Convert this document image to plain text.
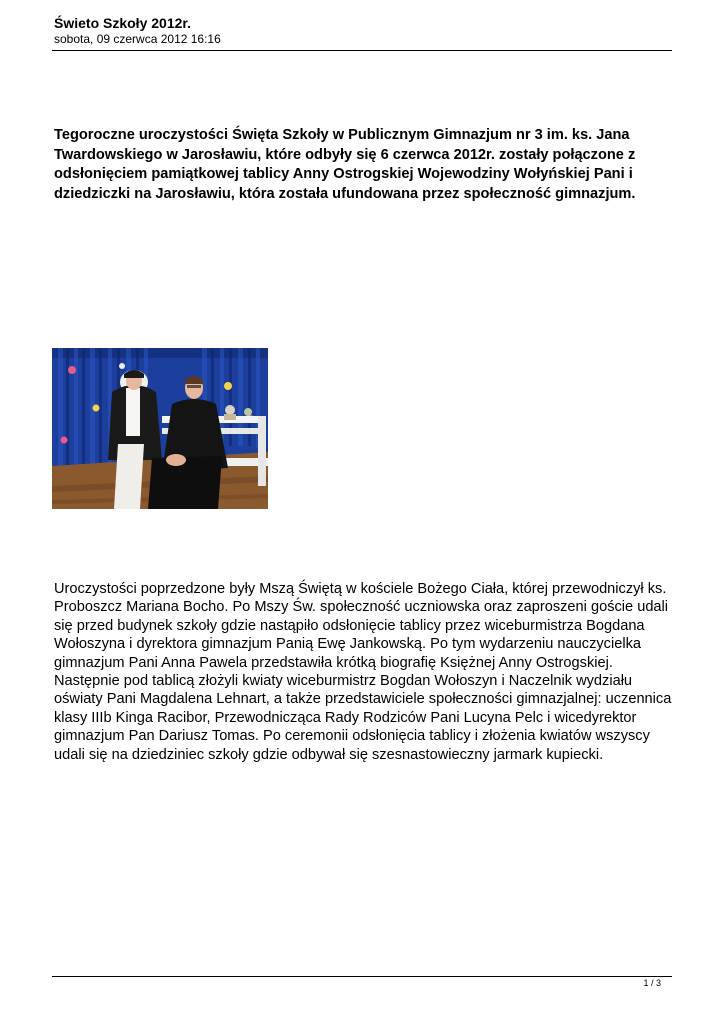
Świeto Szkoły 2012r.
sobota, 09 czerwca 2012 16:16

Tegoroczne uroczystości Święta Szkoły w Publicznym Gimnazjum nr 3 im. ks. Jana Twardowskiego w Jarosławiu, które odbyły się 6 czerwca 2012r. zostały połączone z odsłonięciem pamiątkowej tablicy Anny Ostrogskiej Wojewodziny Wołyńskiej Pani i dziedziczki na Jarosławiu, która została ufundowana przez społeczność gimnazjum.

Uroczystości poprzedzone były Mszą Świętą w kościele Bożego Ciała, której przewodniczył ks. Proboszcz Mariana Bocho. Po Mszy Św. społeczność uczniowska oraz zaproszeni goście udali się przed budynek szkoły gdzie nastąpiło odsłonięcie tablicy przez wiceburmistrza Bogdana Wołoszyna i dyrektora gimnazjum Panią Ewę Jankowską. Po tym wydarzeniu nauczycielka gimnazjum Pani Anna Pawela przedstawiła krótką biografię Księżnej Anny Ostrogskiej. Następnie pod tablicą złożyli kwiaty wiceburmistrz Bogdan Wołoszyn i Naczelnik wydziału oświaty Pani Magdalena Lehnart, a także przedstawiciele społeczności gimnazjalnej: uczennica klasy IIIb Kinga Racibor, Przewodnicząca Rady Rodziców Pani Lucyna Pelc i wicedyrektor gimnazjum Pan Dariusz Tomas. Po ceremonii odsłonięcia tablicy i złożenia kwiatów wszyscy udali się na dziedziniec szkoły gdzie odbywał się szesnastowieczny jarmark kupiecki.

1 / 3
